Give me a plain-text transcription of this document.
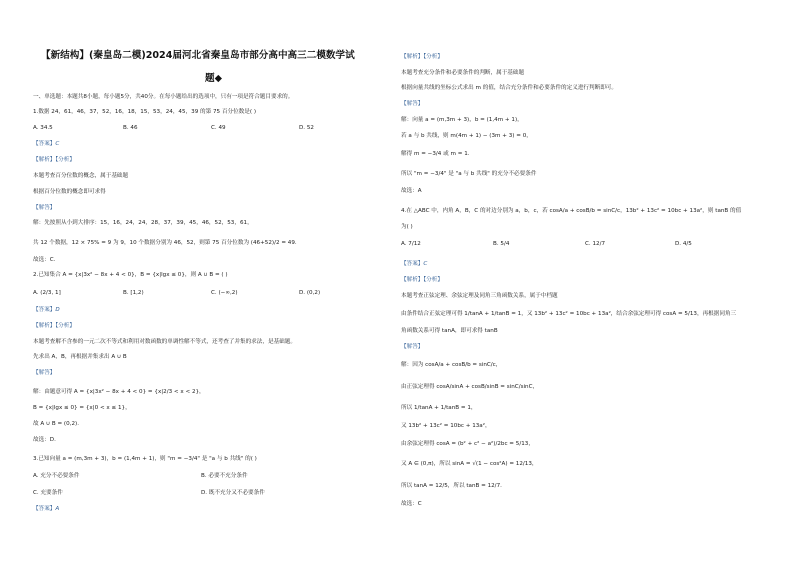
【新结构】(秦皇岛二模)2024届河北省秦皇岛市部分高中高三二模数学试
题◆
一、单选题：本题共8小题，每小题5分，共40分。在每小题给出的选项中，只有一项是符合题目要求的。
1.数据 24，61，46，37，52，16，18，15，53，24，45，39 的第 75 百分位数是( )
A. 34.5	B. 46	C. 49	D. 52
【答案】C
【解析】【分析】
本题考查百分位数的概念，属于基础题
根据百分位数的概念即可求得
【解答】
解：先按照从小到大排序：15，16，24，24，28，37，39，45，46，52，53，61，
共 12 个数据，12 × 75% = 9 为 9，10 个数据分别为 46，52，则第 75 百分位数为 (46+52)/2 = 49.
故选：C.
2.已知集合 A = {x|3x² − 8x + 4 < 0}，B = {x|lgx ≤ 0}，则 A ∪ B = ( )
A. (2/3, 1]	B. [1,2)	C. (−∞,2)	D. (0,2)
【答案】D
【解析】【分析】
本题考查解不含参的一元二次不等式和利用对数函数的单调性解不等式，还考查了并集的求法，是基础题。
先求出 A，B，再根据并集求出 A ∪ B
【解答】
解：由题意可得 A = {x|3x² − 8x + 4 < 0} = {x|2/3 < x < 2}，
B = {x|lgx ≤ 0} = {x|0 < x ≤ 1}，
故 A ∪ B = (0,2).
故选：D.
3.已知向量 a = (m,3m + 3)，b = (1,4m + 1)，则 "m = −3/4" 是 "a 与 b 共线" 的( )
A. 充分不必要条件	B. 必要不充分条件
C. 充要条件	D. 既不充分又不必要条件
【答案】A
【解析】【分析】
本题考查充分条件和必要条件的判断，属于基础题
根据向量共线的坐标公式求出 m 的值，结合充分条件和必要条件的定义进行判断即可。
【解答】
解：向量 a = (m,3m + 3)，b = (1,4m + 1)，
若 a 与 b 共线，则 m(4m + 1) − (3m + 3) = 0，
解得 m = −3/4 或 m = 1.
所以 "m = −3/4" 是 "a 与 b 共线" 的充分不必要条件
故选：A
4.在 △ABC 中，内角 A，B，C 的对边分别为 a，b，c，若 cosA/a + cosB/b = sinC/c，13b² + 13c² = 10bc + 13a²，则 tanB 的值
为( )
A. 7/12	B. 5/4	C. 12/7	D. 4/5
【答案】C
【解析】【分析】
本题考查正弦定理、余弦定理及同角三角函数关系，属于中档题
由条件结合正弦定理可得 1/tanA + 1/tanB = 1，又 13b² + 13c² = 10bc + 13a²，结合余弦定理可得 cosA = 5/13，再根据同角三
角函数关系可得 tanA，即可求得 tanB
【解答】
解：因为 cosA/a + cosB/b = sinC/c，
由正弦定理得 cosA/sinA + cosB/sinB = sinC/sinC，
所以 1/tanA + 1/tanB = 1，
又 13b² + 13c² = 10bc + 13a²，
由余弦定理得 cosA = (b² + c² − a²)/2bc = 5/13，
又 A ∈ (0,π)，所以 sinA = √(1 − cos²A) = 12/13，
所以 tanA = 12/5，所以 tanB = 12/7.
故选：C
